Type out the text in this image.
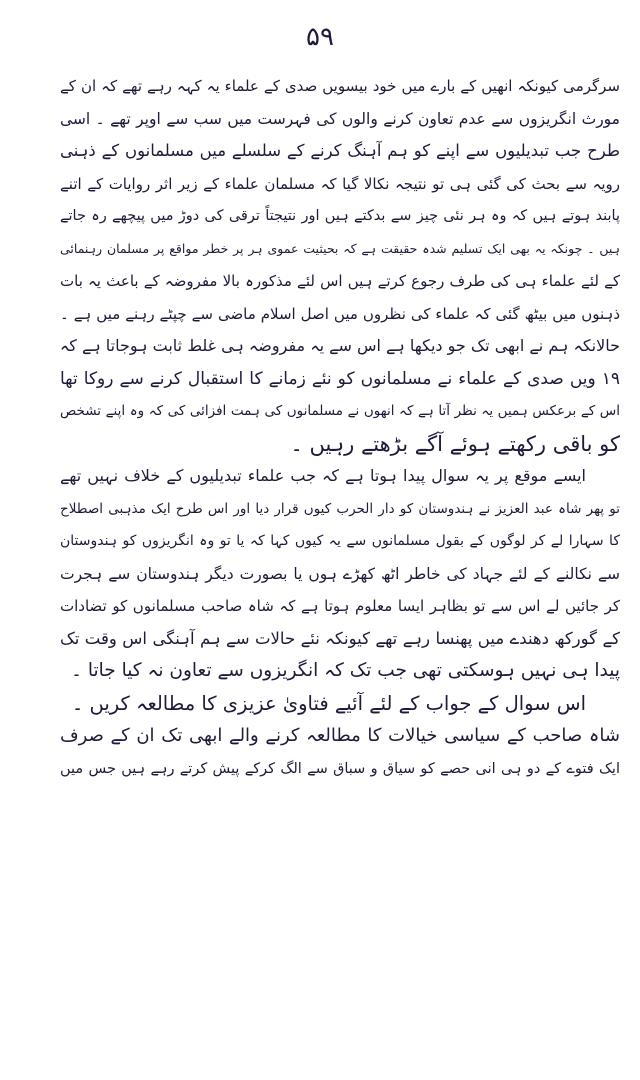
۵۹
سرگرمی کیونکہ انھیں کے بارے میں خود بیسویں صدی کے علماء یہ کہہ رہے تھے کہ ان کے
مورث انگریزوں سے عدم تعاون کرنے والوں کی فہرست میں سب سے اوپر تھے ۔ اسی
طرح جب تبدیلیوں سے اپنے کو ہم آہنگ کرنے کے سلسلے میں مسلمانوں کے ذہنی
رویہ سے بحث کی گئی ہی تو نتیجہ نکالا گیا کہ مسلمان علماء کے زیر اثر روایات کے اتنے
پابند ہوتے ہیں کہ وہ ہر نئی چیز سے بدکتے ہیں اور نتیجتاً ترقی کی دوڑ میں پیچھے رہ جاتے
ہیں ۔ چونکہ یہ بھی ایک تسلیم شدہ حقیقت ہے کہ بحیثیت عموی ہر پر خطر مواقع پر مسلمان رہنمائی
کے لئے علماء ہی کی طرف رجوع کرتے ہیں اس لئے مذکورہ بالا مفروضہ کے باعث یہ بات
ذہنوں میں بیٹھ گئی کہ علماء کی نظروں میں اصل اسلام ماضی سے چپٹے رہنے میں ہے ۔
حالانکہ ہم نے ابھی تک جو دیکھا ہے اس سے یہ مفروضہ ہی غلط ثابت ہوجاتا ہے کہ
۱۹ ویں صدی کے علماء نے مسلمانوں کو نئے زمانے کا استقبال کرنے سے روکا تھا
اس کے برعکس ہمیں یہ نظر آتا ہے کہ انھوں نے مسلمانوں کی ہمت افزائی کی کہ وہ اپنے تشخص
کو باقی رکھتے ہوئے آگے بڑھتے رہیں ۔
ایسے موقع پر یہ سوال پیدا ہوتا ہے کہ جب علماء تبدیلیوں کے خلاف نہیں تھے
تو پھر شاہ عبد العزیز نے ہندوستان کو دار الحرب کیوں قرار دیا اور اس طرح ایک مذہبی اصطلاح
کا سہارا لے کر لوگوں کے بقول مسلمانوں سے یہ کیوں کہا کہ یا تو وہ انگریزوں کو ہندوستان
سے نکالنے کے لئے جہاد کی خاطر اٹھ کھڑے ہوں یا بصورت دیگر ہندوستان سے ہجرت
کر جائیں لے اس سے تو بظاہر ایسا معلوم ہوتا ہے کہ شاہ صاحب مسلمانوں کو تضادات
کے گورکھ دھندے میں پھنسا رہے تھے کیونکہ نئے حالات سے ہم آہنگی اس وقت تک
پیدا ہی نہیں ہوسکتی تھی جب تک کہ انگریزوں سے تعاون نہ کیا جاتا ۔
اس سوال کے جواب کے لئے آئیے فتاویٰ عزیزی کا مطالعہ کریں ۔
شاہ صاحب کے سیاسی خیالات کا مطالعہ کرنے والے ابھی تک ان کے صرف
ایک فتوے کے دو ہی انی حصے کو سیاق و سباق سے الگ کرکے پیش کرتے رہے ہیں جس میں
